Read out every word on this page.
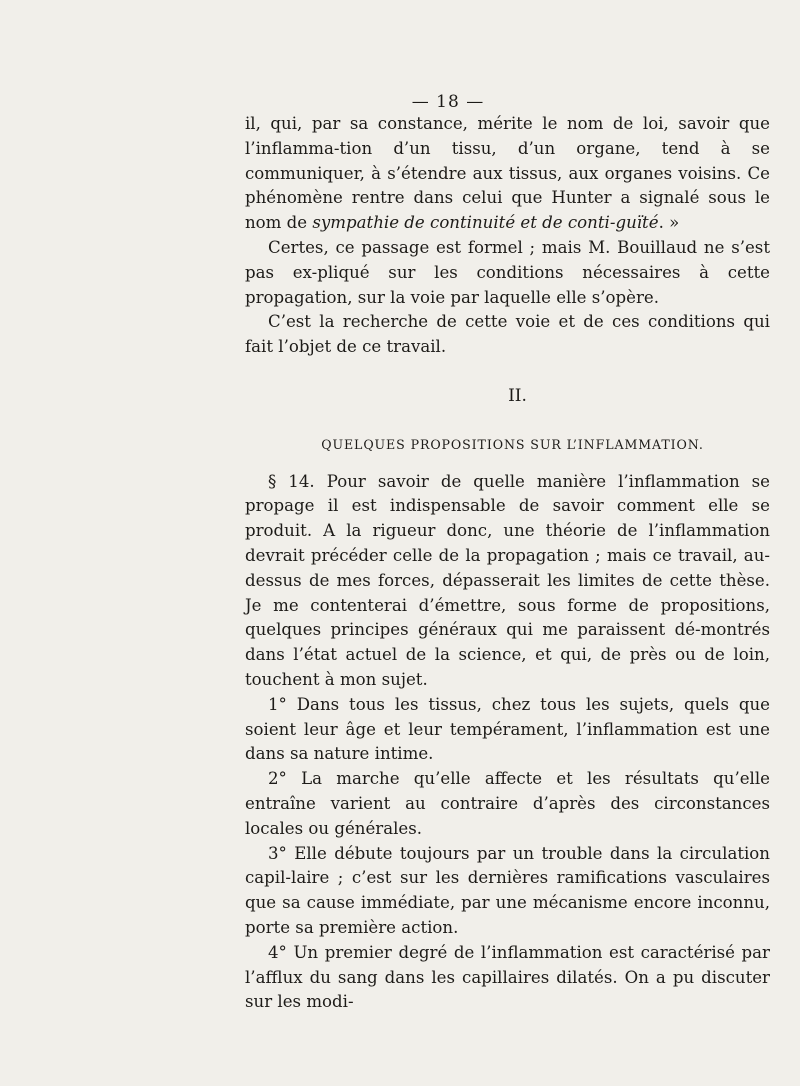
— 18 —

il, qui, par sa constance, mérite le nom de loi, savoir que l’inflamma-tion d’un tissu, d’un organe, tend à se communiquer, à s’étendre aux tissus, aux organes voisins. Ce phénomène rentre dans celui que Hunter a signalé sous le nom de sympathie de continuité et de conti-guïté. »

Certes, ce passage est formel ; mais M. Bouillaud ne s’est pas ex-pliqué sur les conditions nécessaires à cette propagation, sur la voie par laquelle elle s’opère.

C’est la recherche de cette voie et de ces conditions qui fait l’objet de ce travail.

II.

QUELQUES PROPOSITIONS SUR L’INFLAMMATION.

§ 14. Pour savoir de quelle manière l’inflammation se propage il est indispensable de savoir comment elle se produit. A la rigueur donc, une théorie de l’inflammation devrait précéder celle de la propagation ; mais ce travail, au-dessus de mes forces, dépasserait les limites de cette thèse. Je me contenterai d’émettre, sous forme de propositions, quelques principes généraux qui me paraissent dé-montrés dans l’état actuel de la science, et qui, de près ou de loin, touchent à mon sujet.

1° Dans tous les tissus, chez tous les sujets, quels que soient leur âge et leur tempérament, l’inflammation est une dans sa nature intime.

2° La marche qu’elle affecte et les résultats qu’elle entraîne varient au contraire d’après des circonstances locales ou générales.

3° Elle débute toujours par un trouble dans la circulation capil-laire ; c’est sur les dernières ramifications vasculaires que sa cause immédiate, par une mécanisme encore inconnu, porte sa première action.

4° Un premier degré de l’inflammation est caractérisé par l’afflux du sang dans les capillaires dilatés. On a pu discuter sur les modi-
